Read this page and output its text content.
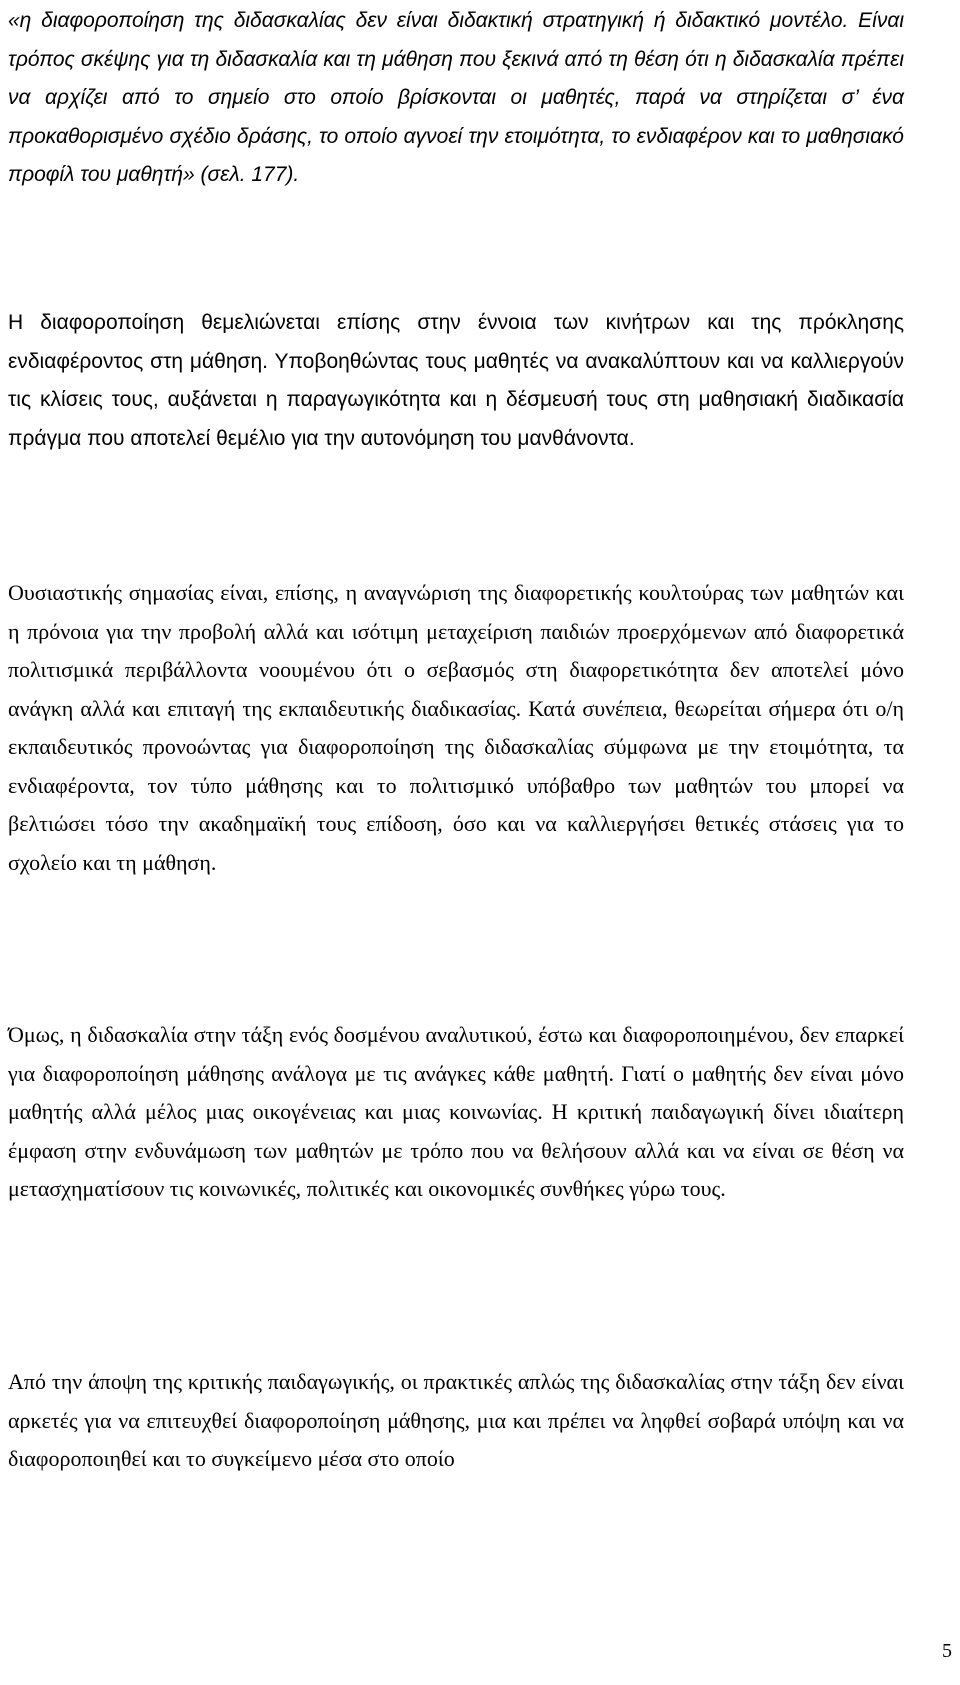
«η διαφοροποίηση της διδασκαλίας δεν είναι διδακτική στρατηγική ή διδακτικό μοντέλο. Είναι τρόπος σκέψης για τη διδασκαλία και τη μάθηση που ξεκινά από τη θέση ότι η διδασκαλία πρέπει να αρχίζει από το σημείο στο οποίο βρίσκονται οι μαθητές, παρά να στηρίζεται σ’ ένα προκαθορισμένο σχέδιο δράσης, το οποίο αγνοεί την ετοιμότητα, το ενδιαφέρον και το μαθησιακό προφίλ του μαθητή» (σελ. 177).

Η διαφοροποίηση θεμελιώνεται επίσης στην έννοια των κινήτρων και της πρόκλησης ενδιαφέροντος στη μάθηση. Υποβοηθώντας τους μαθητές να ανακαλύπτουν και να καλλιεργούν τις κλίσεις τους, αυξάνεται η παραγωγικότητα και η δέσμευσή τους στη μαθησιακή διαδικασία πράγμα που αποτελεί θεμέλιο για την αυτονόμηση του μανθάνοντα.

Ουσιαστικής σημασίας είναι, επίσης, η αναγνώριση της διαφορετικής κουλτούρας των μαθητών και η πρόνοια για την προβολή αλλά και ισότιμη μεταχείριση παιδιών προερχόμενων από διαφορετικά πολιτισμικά περιβάλλοντα νοουμένου ότι ο σεβασμός στη διαφορετικότητα δεν αποτελεί μόνο ανάγκη αλλά και επιταγή της εκπαιδευτικής διαδικασίας. Κατά συνέπεια, θεωρείται σήμερα ότι ο/η εκπαιδευτικός προνοώντας για διαφοροποίηση της διδασκαλίας σύμφωνα με την ετοιμότητα, τα ενδιαφέροντα, τον τύπο μάθησης και το πολιτισμικό υπόβαθρο των μαθητών του μπορεί να βελτιώσει τόσο την ακαδημαϊκή τους επίδοση, όσο και να καλλιεργήσει θετικές στάσεις για το σχολείο και τη μάθηση.

Όμως, η διδασκαλία στην τάξη ενός δοσμένου αναλυτικού, έστω και διαφοροποιημένου, δεν επαρκεί για διαφοροποίηση μάθησης ανάλογα με τις ανάγκες κάθε μαθητή. Γιατί ο μαθητής δεν είναι μόνο μαθητής αλλά μέλος μιας οικογένειας και μιας κοινωνίας. Η κριτική παιδαγωγική δίνει ιδιαίτερη έμφαση στην ενδυνάμωση των μαθητών με τρόπο που να θελήσουν αλλά και να είναι σε θέση να μετασχηματίσουν τις κοινωνικές, πολιτικές και οικονομικές συνθήκες γύρω τους.

Από την άποψη της κριτικής παιδαγωγικής, οι πρακτικές απλώς της διδασκαλίας στην τάξη δεν είναι αρκετές για να επιτευχθεί διαφοροποίηση μάθησης, μια και πρέπει να ληφθεί σοβαρά υπόψη και να διαφοροποιηθεί και το συγκείμενο μέσα στο οποίο

5
